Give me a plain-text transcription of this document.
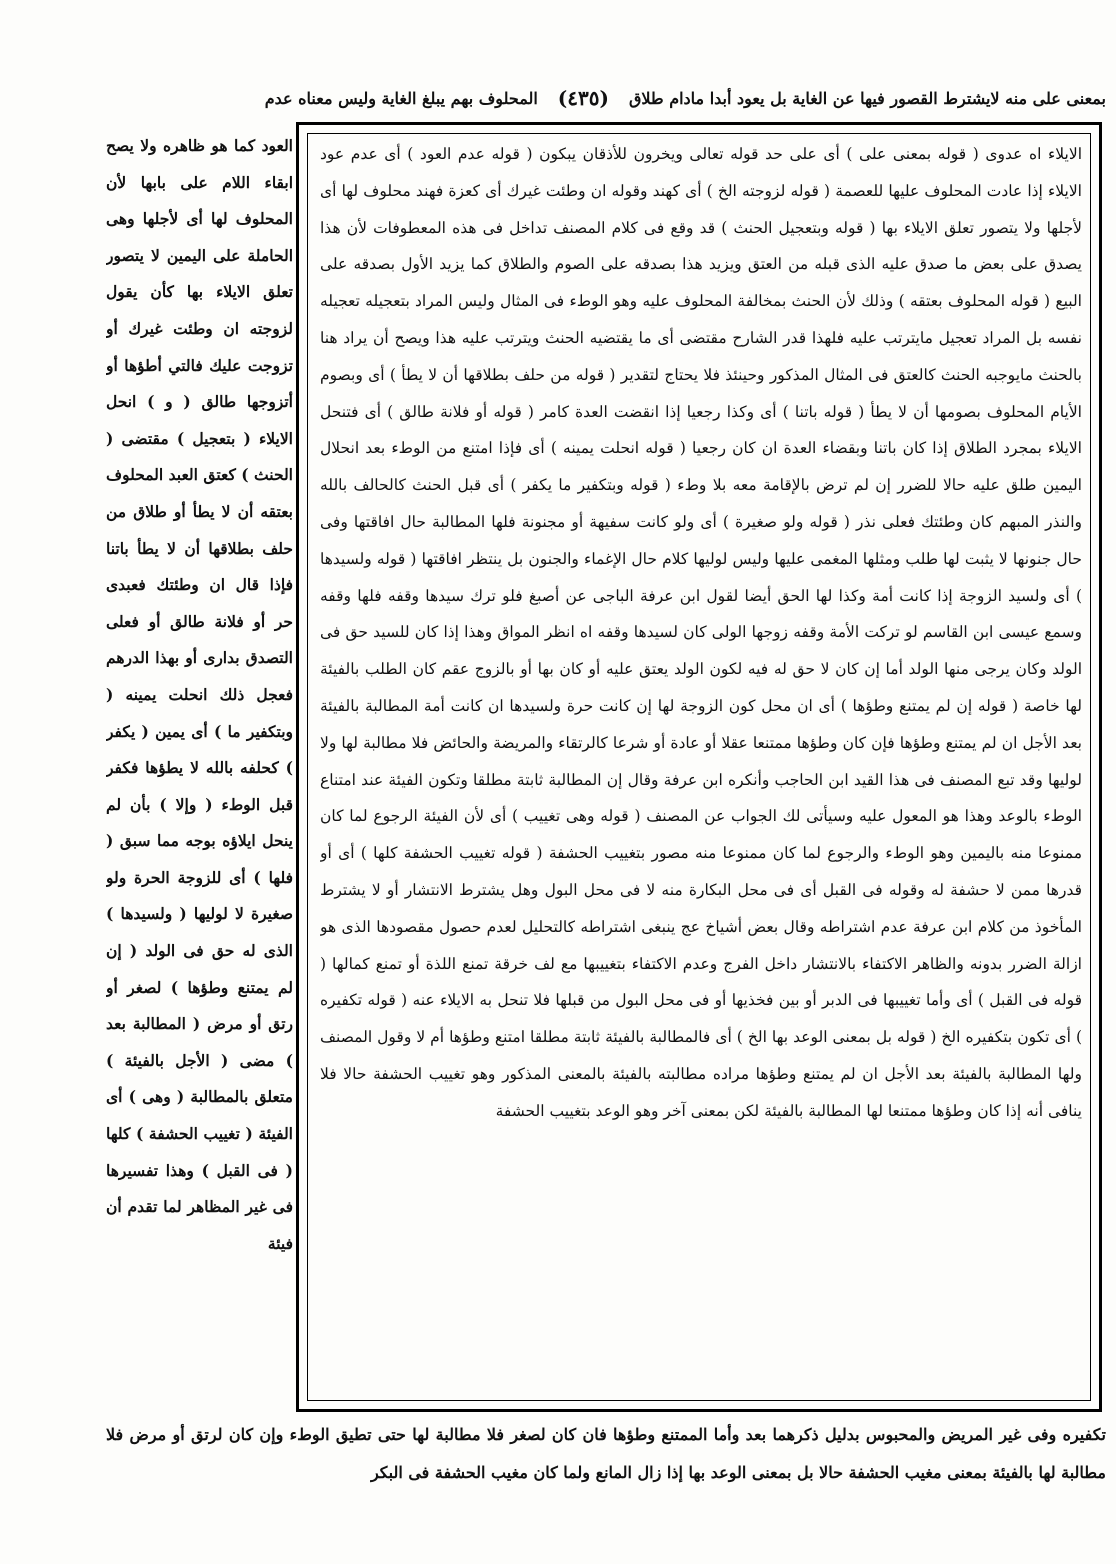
بمعنى على منه لايشترط القصور فيها عن الغاية بل يعود أبدا مادام طلاق
(٤٣٥)
المحلوف بهم يبلغ الغاية وليس معناه عدم
العود كما هو ظاهره ولا يصح ابقاء اللام على بابها لأن المحلوف لها أى لأجلها وهى الحاملة على اليمين لا يتصور تعلق الايلاء بها كأن يقول لزوجته ان وطئت غيرك أو تزوجت عليك فالتي أطؤها أو أتزوجها طالق ( و ) انحل الايلاء ( بتعجيل ) مقتضى ( الحنث ) كعتق العبد المحلوف بعتقه أن لا يطأ أو طلاق من حلف بطلاقها أن لا يطأ باتنا فإذا قال ان وطئتك فعبدى حر أو فلانة طالق أو فعلى التصدق بدارى أو بهذا الدرهم فعجل ذلك انحلت يمينه ( وبتكفير ما ) أى يمين ( يكفر ) كحلفه بالله لا يطؤها فكفر قبل الوطء ( وإلا ) بأن لم ينحل ايلاؤه بوجه مما سبق ( فلها ) أى للزوجة الحرة ولو صغيرة لا لوليها ( ولسيدها ) الذى له حق فى الولد ( إن لم يمتنع وطؤها ) لصغر أو رتق أو مرض ( المطالبة بعد ) مضى ( الأجل بالفيئة ) متعلق بالمطالبة ( وهى ) أى الفيئة ( تغييب الحشفة ) كلها ( فى القبل ) وهذا تفسيرها فى غير المظاهر لما تقدم أن فيئة

الايلاء اه عدوى ( قوله بمعنى على ) أى على حد قوله تعالى ويخرون للأذقان يبكون ( قوله عدم العود ) أى عدم عود الايلاء إذا عادت المحلوف عليها للعصمة ( قوله لزوجته الخ ) أى كهند وقوله ان وطئت غيرك أى كعزة فهند محلوف لها أى لأجلها ولا يتصور تعلق الايلاء بها ( قوله وبتعجيل الحنث ) قد وقع فى كلام المصنف تداخل فى هذه المعطوفات لأن هذا يصدق على بعض ما صدق عليه الذى قبله من العتق ويزيد هذا بصدقه على الصوم والطلاق كما يزيد الأول بصدقه على البيع ( قوله المحلوف بعتقه ) وذلك لأن الحنث بمخالفة المحلوف عليه وهو الوطء فى المثال وليس المراد بتعجيله تعجيله نفسه بل المراد تعجيل مايترتب عليه فلهذا قدر الشارح مقتضى أى ما يقتضيه الحنث ويترتب عليه هذا ويصح أن يراد هنا بالحنث مايوجبه الحنث كالعتق فى المثال المذكور وحينئذ فلا يحتاج لتقدير ( قوله من حلف بطلاقها أن لا يطأ ) أى وبصوم الأيام المحلوف بصومها أن لا يطأ ( قوله باتنا ) أى وكذا رجعيا إذا انقضت العدة كامر ( قوله أو فلانة طالق ) أى فتنحل الايلاء بمجرد الطلاق إذا كان باتنا وبقضاء العدة ان كان رجعيا ( قوله انحلت يمينه ) أى فإذا امتنع من الوطء بعد انحلال اليمين طلق عليه حالا للضرر إن لم ترض بالإقامة معه بلا وطء ( قوله وبتكفير ما يكفر ) أى قبل الحنث كالحالف بالله والنذر المبهم كان وطئتك فعلى نذر ( قوله ولو صغيرة ) أى ولو كانت سفيهة أو مجنونة فلها المطالبة حال افاقتها وفى حال جنونها لا يثبت لها طلب ومثلها المغمى عليها وليس لوليها كلام حال الإغماء والجنون بل ينتظر افاقتها ( قوله ولسيدها ) أى ولسيد الزوجة إذا كانت أمة وكذا لها الحق أيضا لقول ابن عرفة الباجى عن أصبغ فلو ترك سيدها وقفه فلها وقفه وسمع عيسى ابن القاسم لو تركت الأمة وقفه زوجها الولى كان لسيدها وقفه اه انظر المواق وهذا إذا كان للسيد حق فى الولد وكان يرجى منها الولد أما إن كان لا حق له فيه لكون الولد يعتق عليه أو كان بها أو بالزوج عقم كان الطلب بالفيئة لها خاصة ( قوله إن لم يمتنع وطؤها ) أى ان محل كون الزوجة لها إن كانت حرة ولسيدها ان كانت أمة المطالبة بالفيئة بعد الأجل ان لم يمتنع وطؤها فإن كان وطؤها ممتنعا عقلا أو عادة أو شرعا كالرتقاء والمريضة والحائض فلا مطالبة لها ولا لوليها وقد تبع المصنف فى هذا القيد ابن الحاجب وأنكره ابن عرفة وقال إن المطالبة ثابتة مطلقا وتكون الفيئة عند امتناع الوطء بالوعد وهذا هو المعول عليه وسيأتى لك الجواب عن المصنف ( قوله وهى تغييب ) أى لأن الفيئة الرجوع لما كان ممنوعا منه باليمين وهو الوطء والرجوع لما كان ممنوعا منه مصور بتغييب الحشفة ( قوله تغييب الحشفة كلها ) أى أو قدرها ممن لا حشفة له وقوله فى القبل أى فى محل البكارة منه لا فى محل البول وهل يشترط الانتشار أو لا يشترط المأخوذ من كلام ابن عرفة عدم اشتراطه وقال بعض أشياخ عج ينبغى اشتراطه كالتحليل لعدم حصول مقصودها الذى هو ازالة الضرر بدونه والظاهر الاكتفاء بالانتشار داخل الفرج وعدم الاكتفاء بتغييبها مع لف خرقة تمنع اللذة أو تمنع كمالها ( قوله فى القبل ) أى وأما تغييبها فى الدبر أو بين فخذيها أو فى محل البول من قبلها فلا تنحل به الايلاء عنه ( قوله تكفيره ) أى تكون بتكفيره الخ ( قوله بل بمعنى الوعد بها الخ ) أى فالمطالبة بالفيئة ثابتة مطلقا امتنع وطؤها أم لا وقول المصنف ولها المطالبة بالفيئة بعد الأجل ان لم يمتنع وطؤها مراده مطالبته بالفيئة بالمعنى المذكور وهو تغييب الحشفة حالا فلا ينافى أنه إذا كان وطؤها ممتنعا لها المطالبة بالفيئة لكن بمعنى آخر وهو الوعد بتغييب الحشفة

تكفيره وفى غير المريض والمحبوس بدليل ذكرهما بعد وأما الممتنع وطؤها فان كان لصغر فلا مطالبة لها حتى تطيق الوطء وإن كان لرتق أو مرض فلا مطالبة لها بالفيئة بمعنى مغيب الحشفة حالا بل بمعنى الوعد بها إذا زال المانع ولما كان مغيب الحشفة فى البكر
